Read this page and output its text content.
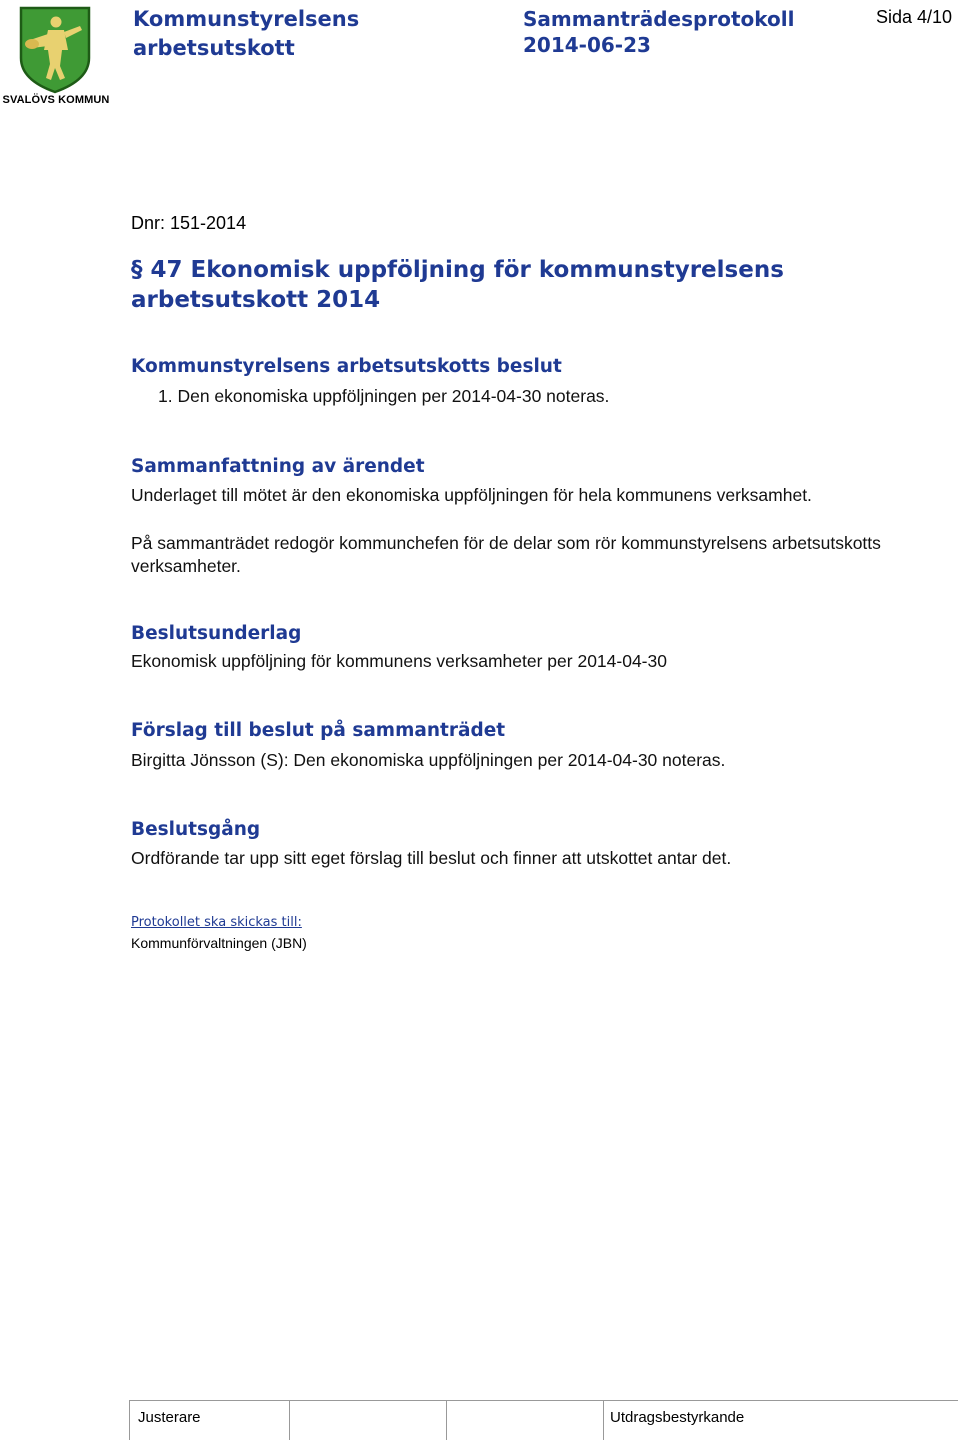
SVALÖVS KOMMUN
Kommunstyrelsens
arbetsutskott
Sammanträdesprotokoll
2014-06-23
Sida 4/10
Dnr: 151-2014
§ 47 Ekonomisk uppföljning för kommunstyrelsens arbetsutskott 2014
Kommunstyrelsens arbetsutskotts beslut
1. Den ekonomiska uppföljningen per 2014-04-30 noteras.
Sammanfattning av ärendet
Underlaget till mötet är den ekonomiska uppföljningen för hela kommunens verksamhet.
På sammanträdet redogör kommunchefen för de delar som rör kommunstyrelsens arbetsutskotts verksamheter.
Beslutsunderlag
Ekonomisk uppföljning för kommunens verksamheter per 2014-04-30
Förslag till beslut på sammanträdet
Birgitta Jönsson (S): Den ekonomiska uppföljningen per 2014-04-30 noteras.
Beslutsgång
Ordförande tar upp sitt eget förslag till beslut och finner att utskottet antar det.
Protokollet ska skickas till:
Kommunförvaltningen (JBN)
Justerare	Utdragsbestyrkande
